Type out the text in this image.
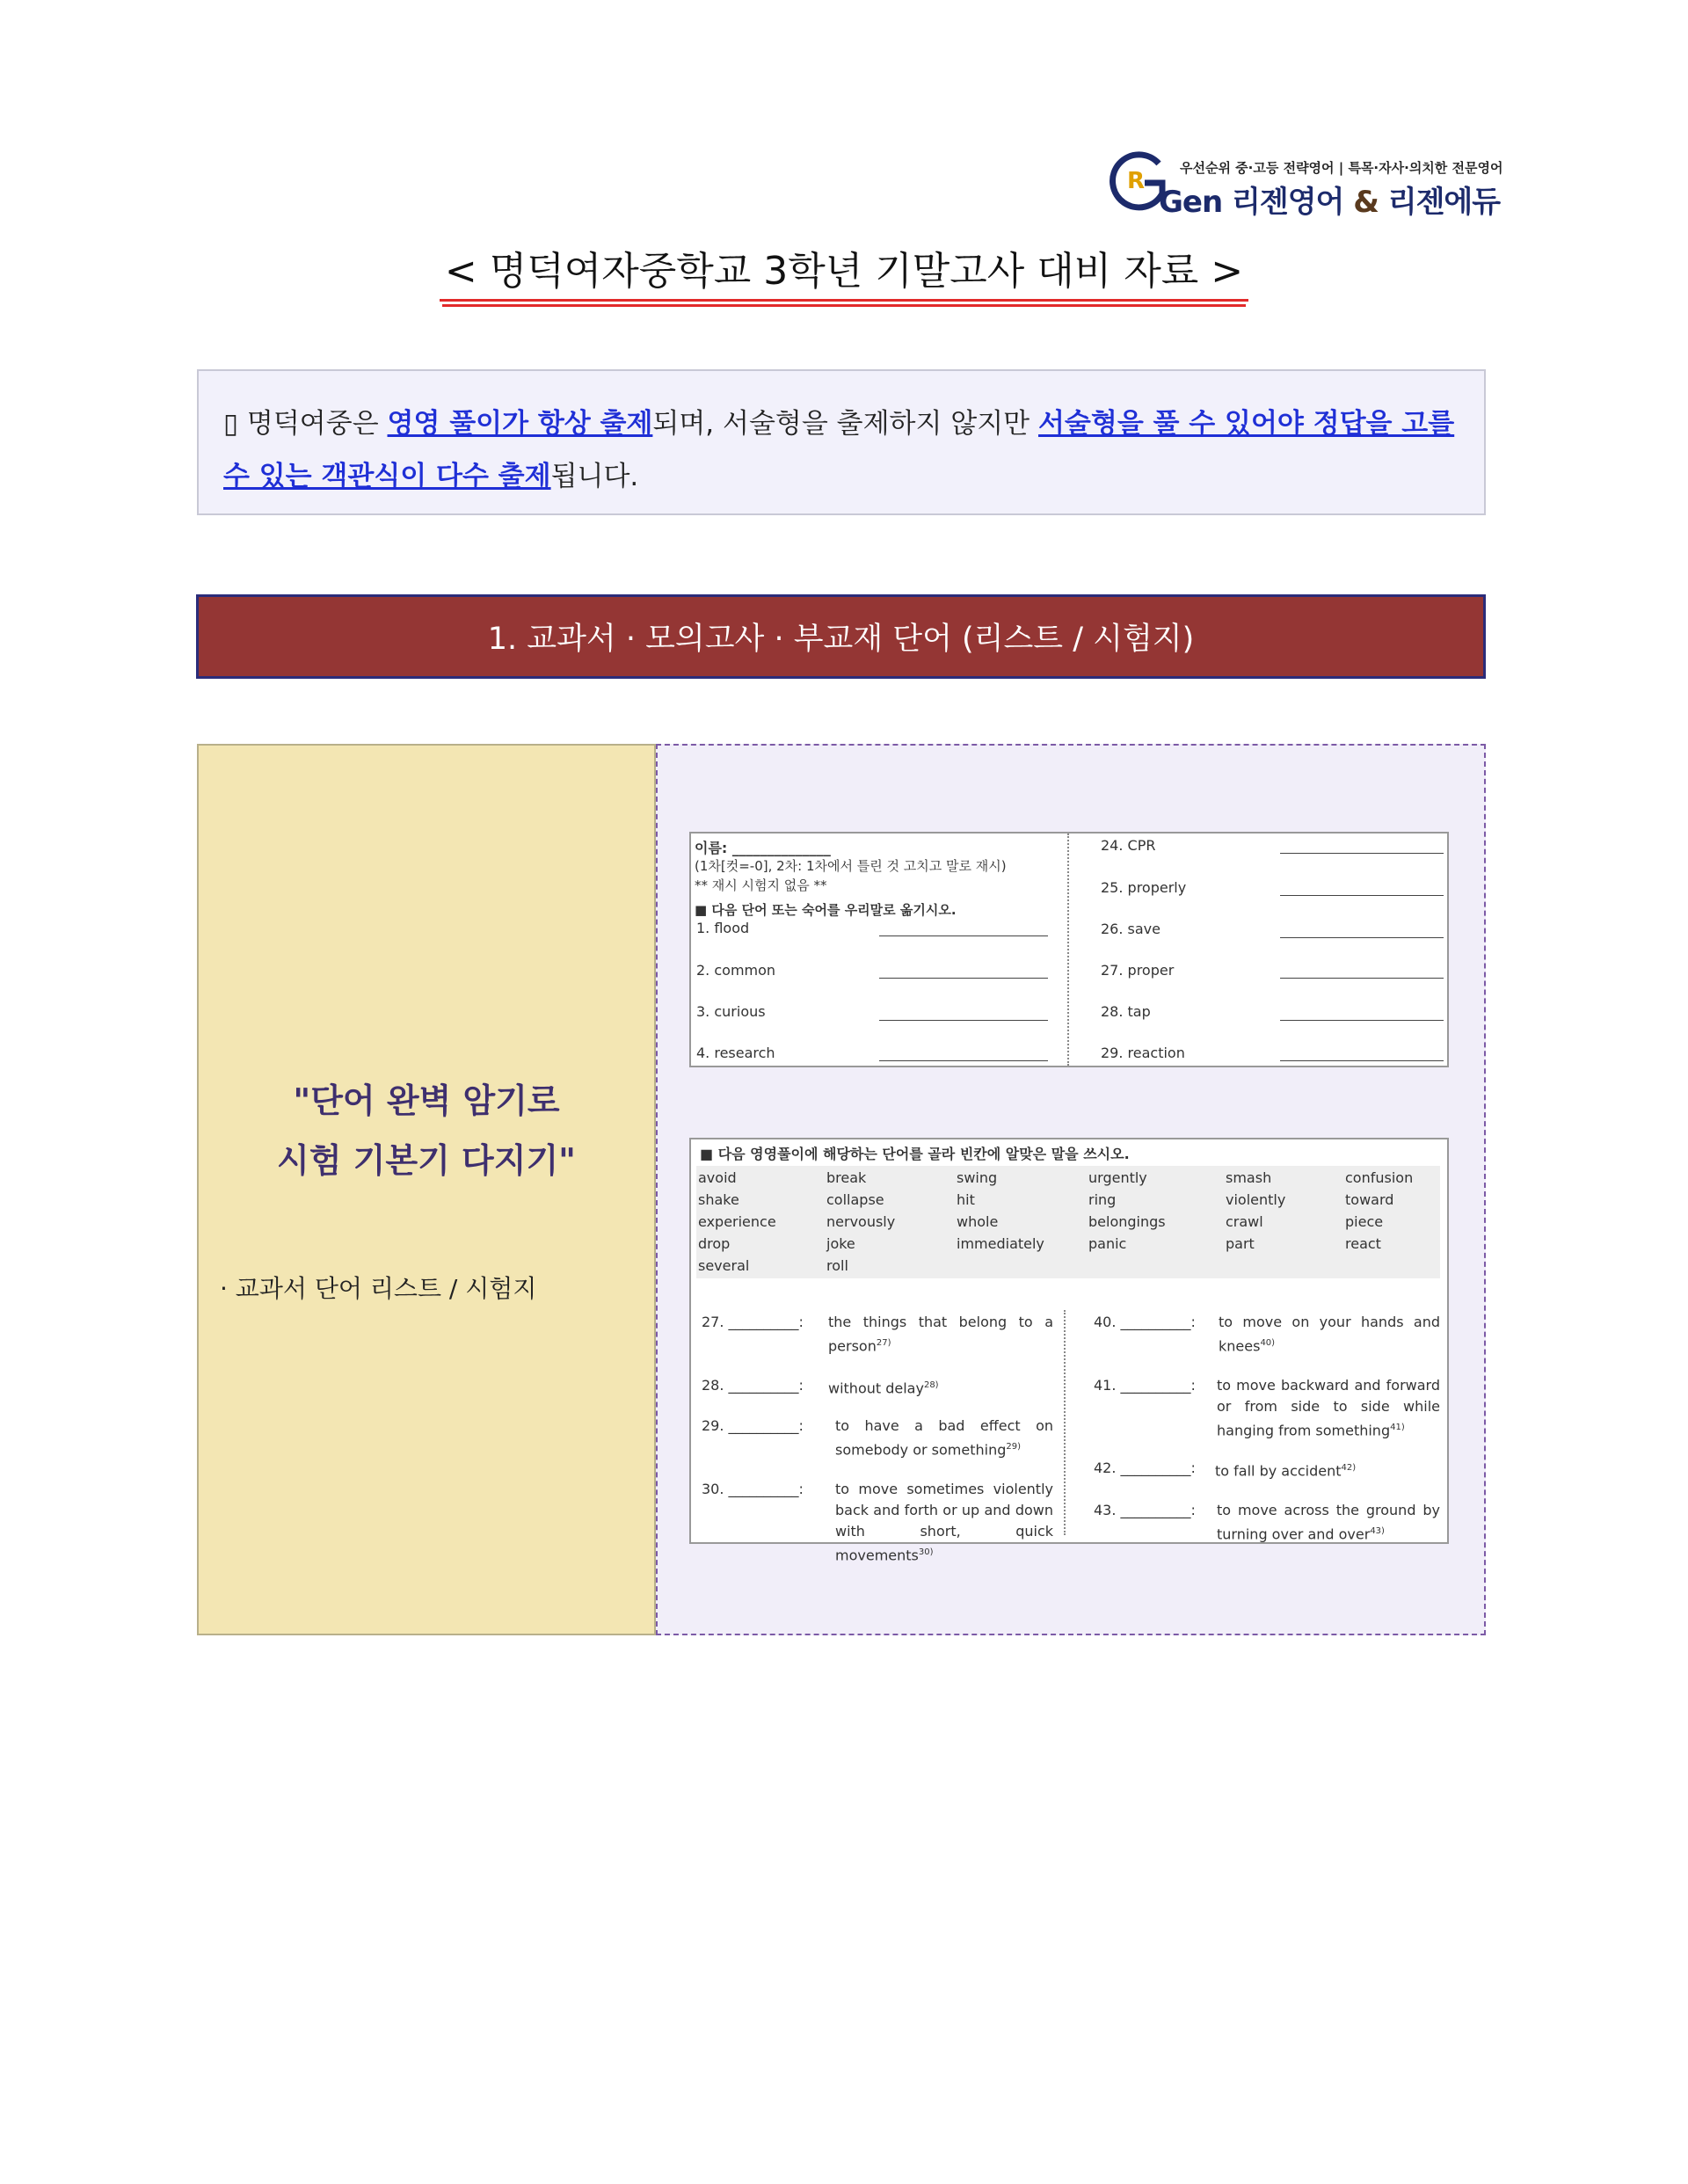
R	우선순위 중·고등 전략영어 | 특목·자사·의치한 전문영어
Gen 리젠영어 & 리젠에듀
< 명덕여자중학교 3학년 기말고사 대비 자료 >
▯ 명덕여중은 영영 풀이가 항상 출제되며, 서술형을 출제하지 않지만 서술형을 풀 수 있어야 정답을 고를 수 있는 객관식이 다수 출제됩니다.
1. 교과서 · 모의고사 · 부교재 단어 (리스트 / 시험지)
"단어 완벽 암기로
시험 기본기 다지기"
· 교과서 단어 리스트 / 시험지
이름: ______________
(1차[컷=-0], 2차: 1차에서 틀린 것 고치고 말로 재시)
** 재시 시험지 없음 **
■ 다음 단어 또는 숙어를 우리말로 옮기시오.
1. flood
2. common
3. curious
4. research
24. CPR
25. properly
26. save
27. proper
28. tap
29. reaction
■ 다음 영영풀이에 해당하는 단어를 골라 빈칸에 알맞은 말을 쓰시오.
avoid
shake
experience
drop
several
break
collapse
nervously
joke
roll
swing
hit
whole
immediately
urgently
ring
belongings
panic
smash
violently
crawl
part
confusion
toward
piece
react
27. __________: the things that belong to a person$^{27)}$
28. __________: without delay$^{28)}$
29. __________: to have a bad effect on somebody or something$^{29)}$
30. __________: to move sometimes violently back and forth or up and down with short, quick movements$^{30)}$
40. __________: to move on your hands and knees$^{40)}$
41. __________: to move backward and forward or from side to side while hanging from something$^{41)}$
42. __________: to fall by accident$^{42)}$
43. __________: to move across the ground by turning over and over$^{43)}$
